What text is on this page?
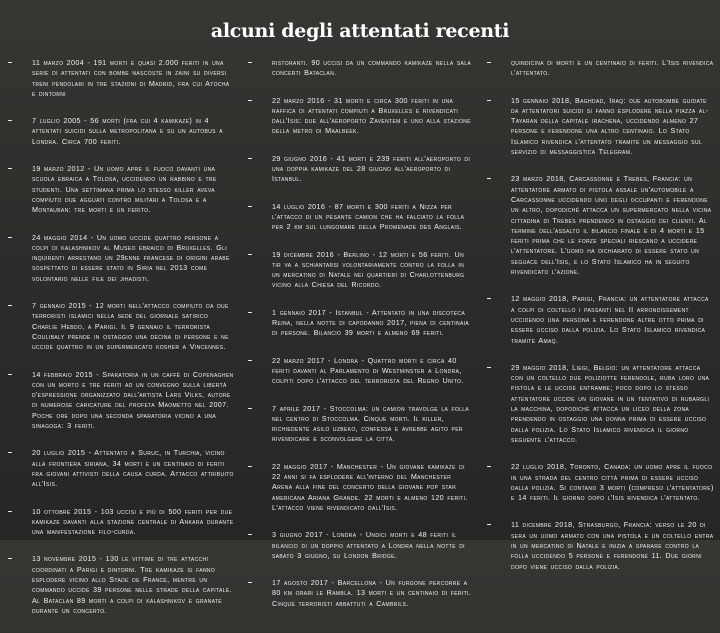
alcuni degli attentati recenti
11 marzo 2004 - 191 morti e quasi 2.000 feriti in una serie di attentati con bombe nascoste in zaini su diversi treni pendolari in tre stazioni di Madrid, fra cui Atocha e dintorni
7 luglio 2005 - 56 morti (fra cui 4 kamikaze) in 4 attentati suicidi sulla metropolitana e su un autobus a Londra. Circa 700 feriti.
19 marzo 2012 - Un uomo apre il fuoco davanti una scuola ebraica a Tolosa, uccidendo un rabbino e tre studenti. Una settimana prima lo stesso killer aveva compiuto due agguati contro militari a Tolosa e a Montauban: tre morti e un ferito.
24 maggio 2014 - Un uomo uccide quattro persone a colpi di kalashnikov al Museo ebraico di Bruxelles. Gli inquirenti arrestano un 29enne francese di origini arabe sospettato di essere stato in Siria nel 2013 come volontario nelle file dei jihadisti.
7 gennaio 2015 - 12 morti nell'attacco compiuto da due terroristi islamici nella sede del giornale satirico Charlie Hebdo, a Parigi. Il 9 gennaio il terrorista Coulibaly prende in ostaggio una decina di persone e ne uccide quattro in un supermercato kosher a Vincennes.
14 febbraio 2015 - Sparatoria in un caffè di Copenaghen con un morto e tre feriti ad un convegno sulla libertà d'espressione organizzato dall'artista Lars Vilks, autore di numerose caricature del profeta Maometto nel 2007. Poche ore dopo una seconda sparatoria vicino a una sinagoga: 3 feriti.
20 luglio 2015 - Attentato a Suruc, in Turchia, vicino alla frontiera siriana, 34 morti e un centinaio di feriti fra giovani attivisti della causa curda. Attacco attribuito all'Isis.
10 ottobre 2015 - 103 uccisi e più di 500 feriti per due kamikaze davanti alla stazione centrale di Ankara durante una manifestazione filo-curda.
13 novembre 2015 - 130 le vittime di tre attacchi coordinati a Parigi e dintorni. Tre kamikaze si fanno esplodere vicino allo Stade de France, mentre un commando uccide 39 persone nelle strade della capitale. Al Bataclan 89 morti a colpi di kalashnikov e granate durante un concerto.
ristoranti. 90 uccisi da un commando kamikaze nella sala concerti Bataclan.
22 marzo 2016 - 31 morti e circa 300 feriti in una raffica di attentati compiuti a Bruxelles e rivendicati dall'Isis: due all'aeroporto Zaventem e uno alla stazione della metro di Maalbeek.
29 giugno 2016 - 41 morti e 239 feriti all'aeroporto di una doppia kamikaze del 28 giugno all'aeroporto di Istanbul.
14 luglio 2016 - 87 morti e 300 feriti a Nizza per l'attacco di un pesante camion che ha falciato la folla per 2 km sul lungomare della Promenade des Anglais.
19 dicembre 2016 - Berlino - 12 morti e 56 feriti. Un tir va a schiantarsi volontariamente contro la folla in un mercatino di Natale nei quartieri di Charlottenburg vicino alla Chiesa del Ricordo.
1 gennaio 2017 - Istanbul - Attentato in una discoteca Reina, nella notte di capodanno 2017, piena di centinaia di persone. Bilancio 39 morti e almeno 69 feriti.
22 marzo 2017 - Londra - Quattro morti e circa 40 feriti davanti al Parlamento di Westminster a Londra, colpiti dopo l'attacco del terrorista del Regno Unito.
7 aprile 2017 - Stoccolma: un camion travolge la folla nel centro di Stoccolma. Cinque morti. Il killer, richiedente asilo uzbeko, confessa e avrebbe agito per rivendicare e sconvolgere la città.
22 maggio 2017 - Manchester - Un giovane kamikaze di 22 anni si fa esplodere all'interno del Manchester Arena alla fine del concerto della giovane pop star americana Ariana Grande. 22 morti e almeno 120 feriti. L'attacco viene rivendicato dall'Isis.
3 giugno 2017 - Londra - Undici morti e 48 feriti il bilancio di un doppio attentato a Londra nella notte di sabato 3 giugno, su London Bridge.
17 agosto 2017 - Barcellona - Un furgone percorre a 80 km orari le Rambla. 13 morti e un centinaio di feriti. Cinque terroristi abbattuti a Cambrils.
quindicina di morti e un centinaio di feriti. L'Isis rivendica l'attentato.
15 gennaio 2018, Baghdad, Iraq: due autobombe guidate da attentatori suicidi si fanno esplodere nella piazza al-Tayaran della capitale irachena, uccidendo almeno 27 persone e ferendone una altro centinaio. Lo Stato Islamico rivendica l'attentato tramite un messaggio sul servizio di messaggistica Telegram.
23 marzo 2018, Carcassonne e Trebes, Francia: un attentatore armato di pistola assale un'automobile a Carcassonne uccidendo uno degli occupanti e ferendone un altro, dopodiché attacca un supermercato nella vicina cittadina di Trebes prendendo in ostaggio dei clienti. Al termine dell'assalto il bilancio finale è di 4 morti e 15 feriti prima che le forze speciali riescano a uccidere l'attentatore. L'uomo ha dichiarato di essere stato un seguace dell'Isis, e lo Stato Islamico ha in seguito rivendicato l'azione.
12 maggio 2018, Parigi, Francia: un attentatore attacca a colpi di coltello i passanti nel II arrondissement uccidendo una persona e ferendone altre otto prima di essere ucciso dalla polizia. Lo Stato Islamico rivendica tramite Amaq.
29 maggio 2018, Liegi, Belgio: un attentatore attacca con un coltello due poliziotte ferendole, ruba loro una pistola e le uccide entrambe; poco dopo lo stesso attentatore uccide un giovane in un tentativo di rubargli la macchina, dopodiché attacca un liceo della zona prendendo in ostaggio una donna prima di essere ucciso dalla polizia. Lo Stato Islamico rivendica il giorno seguente l'attacco.
22 luglio 2018, Toronto, Canada: un uomo apre il fuoco in una strada del centro città prima di essere ucciso dalla polizia. Si contano 3 morti (compreso l'attentatore) e 14 feriti. Il giorno dopo l'Isis rivendica l'attentato.
11 dicembre 2018, Strasburgo, Francia: verso le 20 di sera un uomo armato con una pistola e un coltello entra in un mercatino di Natale e inizia a sparare contro la folla uccidendo 5 persone e ferendone 11. Due giorni dopo viene ucciso dalla polizia.
